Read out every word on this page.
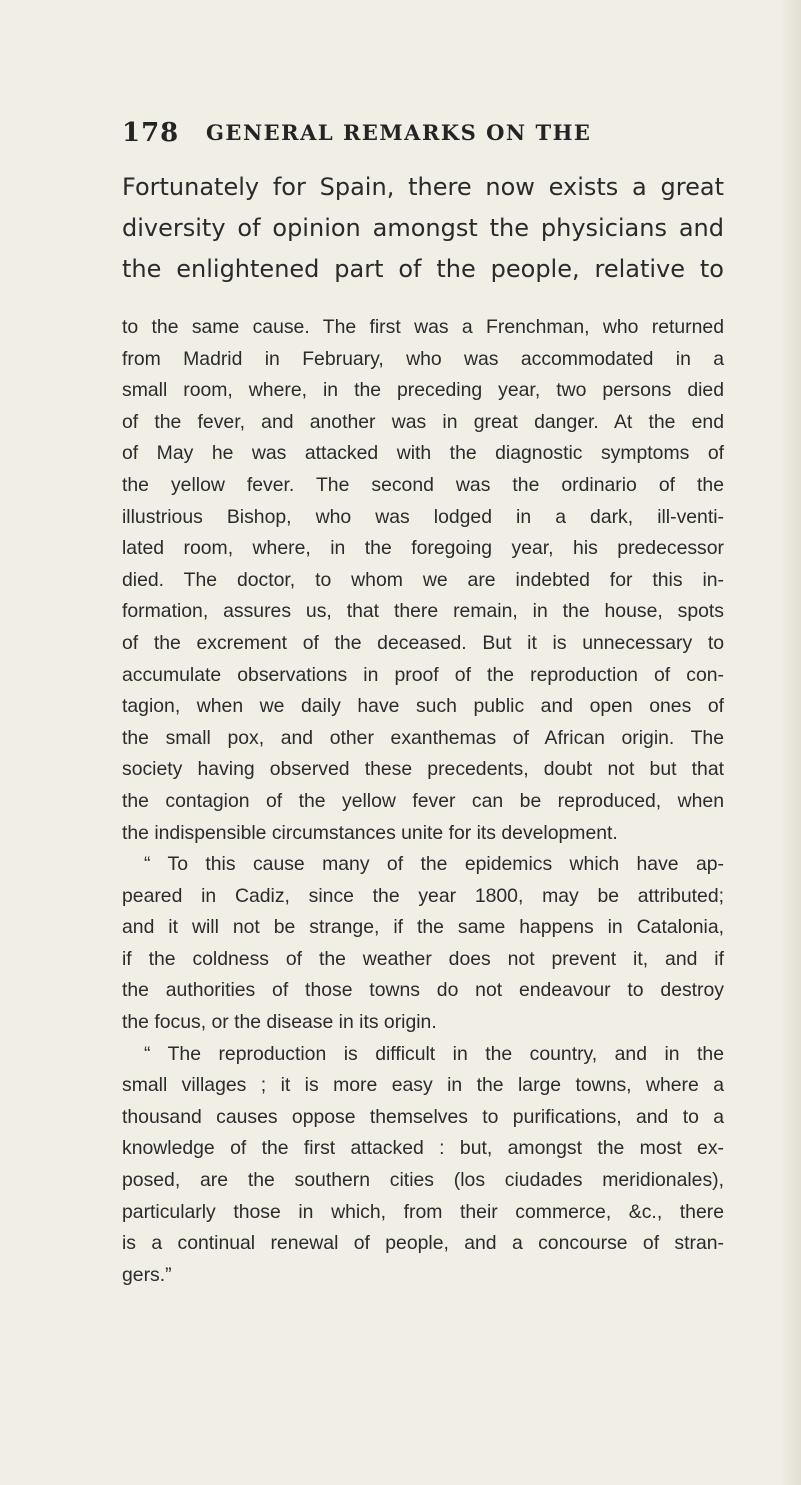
178 GENERAL REMARKS ON THE
Fortunately for Spain, there now exists a great
diversity of opinion amongst the physicians and
the enlightened part of the people, relative to
to the same cause. The first was a Frenchman, who returned
from Madrid in February, who was accommodated in a
small room, where, in the preceding year, two persons died
of the fever, and another was in great danger. At the end
of May he was attacked with the diagnostic symptoms of
the yellow fever. The second was the ordinario of the
illustrious Bishop, who was lodged in a dark, ill-venti-
lated room, where, in the foregoing year, his predecessor
died. The doctor, to whom we are indebted for this in-
formation, assures us, that there remain, in the house, spots
of the excrement of the deceased. But it is unnecessary to
accumulate observations in proof of the reproduction of con-
tagion, when we daily have such public and open ones of
the small pox, and other exanthemas of African origin. The
society having observed these precedents, doubt not but that
the contagion of the yellow fever can be reproduced, when
the indispensible circumstances unite for its development.
“ To this cause many of the epidemics which have ap-
peared in Cadiz, since the year 1800, may be attributed;
and it will not be strange, if the same happens in Catalonia,
if the coldness of the weather does not prevent it, and if
the authorities of those towns do not endeavour to destroy
the focus, or the disease in its origin.
“ The reproduction is difficult in the country, and in the
small villages ; it is more easy in the large towns, where a
thousand causes oppose themselves to purifications, and to a
knowledge of the first attacked : but, amongst the most ex-
posed, are the southern cities (los ciudades meridionales),
particularly those in which, from their commerce, &c., there
is a continual renewal of people, and a concourse of stran-
gers.”
